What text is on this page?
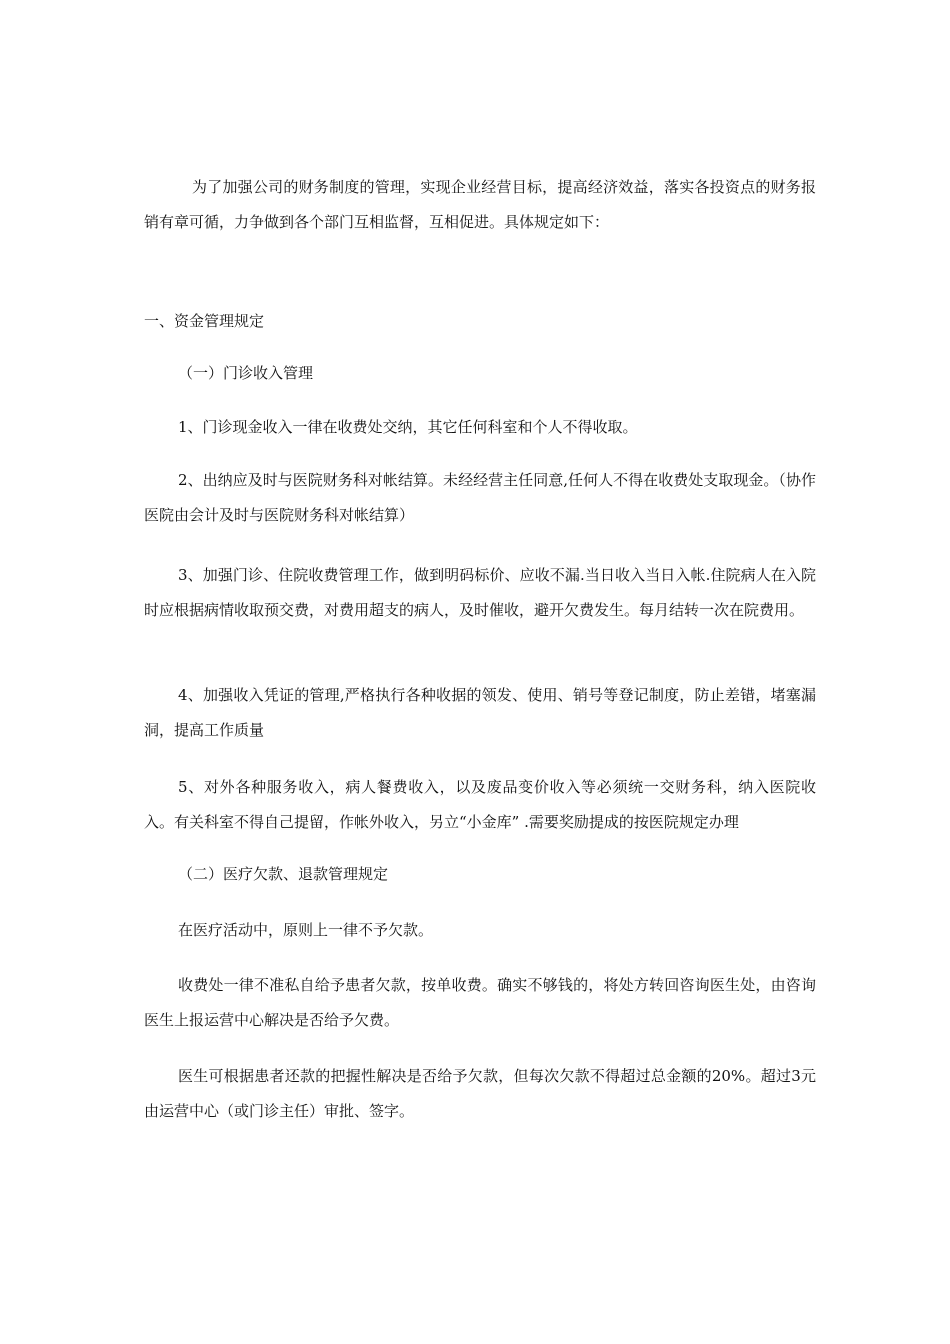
为了加强公司的财务制度的管理，实现企业经营目标，提高经济效益，落实各投资点的财务报销有章可循，力争做到各个部门互相监督，互相促进。具体规定如下：

一、资金管理规定

（一）门诊收入管理

1、门诊现金收入一律在收费处交纳，其它任何科室和个人不得收取。

2、出纳应及时与医院财务科对帐结算。未经经营主任同意,任何人不得在收费处支取现金。（协作医院由会计及时与医院财务科对帐结算）

3、加强门诊、住院收费管理工作，做到明码标价、应收不漏.当日收入当日入帐.住院病人在入院时应根据病情收取预交费，对费用超支的病人，及时催收，避开欠费发生。每月结转一次在院费用。

4、加强收入凭证的管理,严格执行各种收据的领发、使用、销号等登记制度，防止差错，堵塞漏洞，提高工作质量

5、对外各种服务收入，病人餐费收入，以及废品变价收入等必须统一交财务科，纳入医院收入。有关科室不得自己提留，作帐外收入，另立“小金库” .需要奖励提成的按医院规定办理

（二）医疗欠款、退款管理规定

在医疗活动中，原则上一律不予欠款。

收费处一律不准私自给予患者欠款，按单收费。确实不够钱的，将处方转回咨询医生处，由咨询医生上报运营中心解决是否给予欠费。

医生可根据患者还款的把握性解决是否给予欠款，但每次欠款不得超过总金额的20%。超过3元由运营中心（或门诊主任）审批、签字。
